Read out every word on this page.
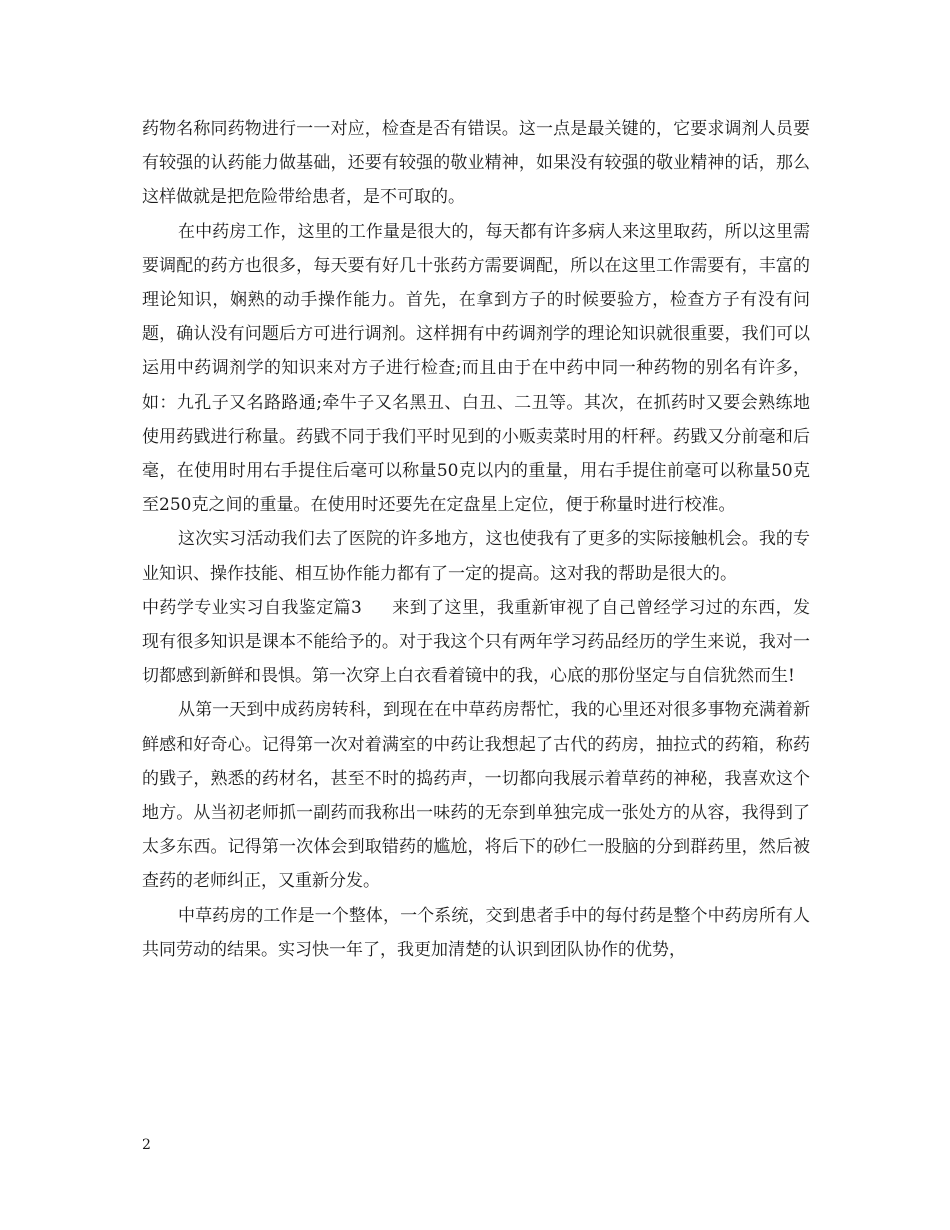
药物名称同药物进行一一对应，检查是否有错误。这一点是最关键的，它要求调剂人员要有较强的认药能力做基础，还要有较强的敬业精神，如果没有较强的敬业精神的话，那么这样做就是把危险带给患者，是不可取的。

在中药房工作，这里的工作量是很大的，每天都有许多病人来这里取药，所以这里需要调配的药方也很多，每天要有好几十张药方需要调配，所以在这里工作需要有，丰富的理论知识，娴熟的动手操作能力。首先，在拿到方子的时候要验方，检查方子有没有问题，确认没有问题后方可进行调剂。这样拥有中药调剂学的理论知识就很重要，我们可以运用中药调剂学的知识来对方子进行检查;而且由于在中药中同一种药物的别名有许多，如：九孔子又名路路通;牵牛子又名黑丑、白丑、二丑等。其次，在抓药时又要会熟练地使用药戥进行称量。药戥不同于我们平时见到的小贩卖菜时用的杆秤。药戥又分前毫和后毫，在使用时用右手提住后毫可以称量50克以内的重量，用右手提住前毫可以称量50克至250克之间的重量。在使用时还要先在定盘星上定位，便于称量时进行校准。

这次实习活动我们去了医院的许多地方，这也使我有了更多的实际接触机会。我的专业知识、操作技能、相互协作能力都有了一定的提高。这对我的帮助是很大的。

中药学专业实习自我鉴定篇3 来到了这里，我重新审视了自己曾经学习过的东西，发现有很多知识是课本不能给予的。对于我这个只有两年学习药品经历的学生来说，我对一切都感到新鲜和畏惧。第一次穿上白衣看着镜中的我，心底的那份坚定与自信犹然而生!

从第一天到中成药房转科，到现在在中草药房帮忙，我的心里还对很多事物充满着新鲜感和好奇心。记得第一次对着满室的中药让我想起了古代的药房，抽拉式的药箱，称药的戥子，熟悉的药材名，甚至不时的捣药声，一切都向我展示着草药的神秘，我喜欢这个地方。从当初老师抓一副药而我称出一味药的无奈到单独完成一张处方的从容，我得到了太多东西。记得第一次体会到取错药的尴尬，将后下的砂仁一股脑的分到群药里，然后被查药的老师纠正，又重新分发。

中草药房的工作是一个整体，一个系统，交到患者手中的每付药是整个中药房所有人共同劳动的结果。实习快一年了，我更加清楚的认识到团队协作的优势，

2
